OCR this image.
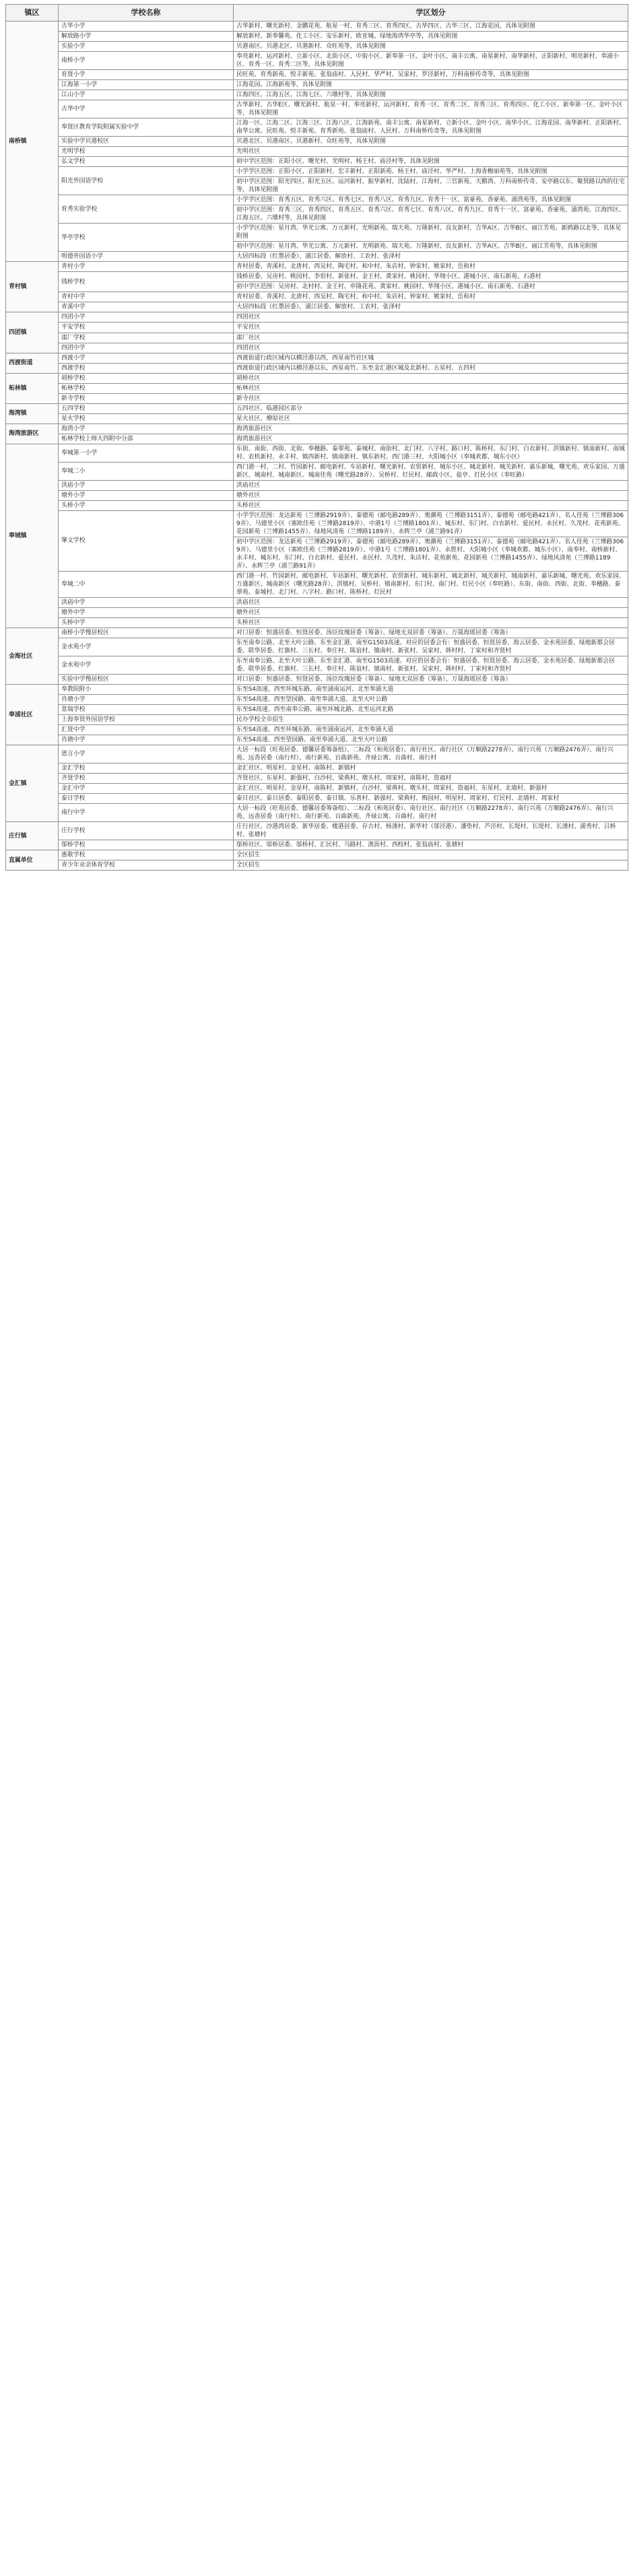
镇区	学校名称	学区划分
南桥镇	古华小学	古华新村、曙光新村、金鹏花苑、航星一村、育秀三区、育秀四区、古华四区、古华三区、江海花园，具体见附图
	解放路小学	解放新村、新奉馨苑、化工小区、安乐新村、欧亚城、绿地海湾华亭等，具体见附图
	实验小学	贝港南区、贝港北区、贝港新村、众旺苑等，具体见附图
	南桥小学	奉亮新村、运河新村、立新小区、北街小区、中街小区、新奉第一区、金叶小区、南丰公寓、南星新村、南华新村、正阳新村、明亮新村、奉浦小区、育秀一区、育秀二区等，具体见附图
	育贤小学	民旺苑、育秀新苑、悦丰新苑、张翁庙村、人民村、华严村、吴家村、罗泾新村、万科南桥传奇等，具体见附图
	江海第一小学	江海花园、江海新苑等，具体见附图
	江山小学	江海四区、江海五区、江海七区、六墩村等，具体见附图
	古华中学	古华新村、古华E区、曙光新村、航星一村、奉亮新村、运河新村、育秀一区、育秀二区、育秀三区、育秀四区、化工小区、新奉第一区、金叶小区等，具体见附图
	奉贤区教育学院附属实验中学	江海一区、江海二区、江海三区、江海八区、江海新苑、南丰公寓、南星新村、立新小区、金叶小区、南华小区、江海花园、南华新村、正阳新村、南华公寓、民旺苑、悦丰新苑、育秀新苑、张翁庙村、人民村、万科南桥传奇等，具体见附图
	实验中学贝港校区	贝港北区、贝港南区、贝港新村、众旺苑等，具体见附图
	光明学校	光明社区
	弘文学校	初中学区范围：正阳小区、曙光村、光明村、杨王村、庙泾村等，具体见附图
	阳光外国语学校	小学学区范围：正阳小区、正阳新村、宏丰新村、正阳新苑、杨王村、庙泾村、华严村、上海香榭丽苑等，具体见附图
		初中学区范围：阳光四区、阳光五区、运河新村、振华新村、沈陆村、江海村、三官新苑、天鹅湾、万科南桥传奇、安亭路以东、聚贤路以西的住宅等，具体见附图
	育秀实验学校	小学学区范围：育秀五区、育秀六区、育秀七区、育秀八区、育秀九区、育秀十一区、富豪苑、香豪苑、浦湾苑等，具体见附图
		初中学区范围：育秀三区、育秀四区、育秀五区、育秀六区、育秀七区、育秀八区、育秀九区、育秀十一区、富豪苑、香豪苑、浦湾苑、江海四区、江海五区、六墩村等，具体见附图
	华亭学校	小学学区范围：星月湾、华光公寓、万元新村、光明新苑、瑞天苑、万隆新村、良友新村、吉华A区、吉华B区、丽江芳苑、新鸥路以北等，具体见附图
		初中学区范围：星月湾、华光公寓、万元新村、光明新苑、瑞天苑、万隆新村、良友新村、吉华A区、吉华B区、丽江芳苑等，具体见附图
	明德外国语小学	大居四标段（红墨居委）、浦江居委、解放村、工农村、张泽村
青村镇	青村小学	青村居委、青溪村、北唐村、西吴村、陶宅村、和中村、朱店村、钟家村、姚家村、岳和村
	钱桥学校	钱桥居委、吴房村、桃园村、李窑村、新张村、金王村、黄家村、桃园村、华翔小区、港城小区、南石新苑、石港村
		初中学区范围：吴房村、北村村、金王村、申隆花苑、黄家村、桃园村、华翔小区、港城小区、南石新苑、石港村
	青村中学	青村居委、青溪村、北唐村、西吴村、陶宅村、和中村、朱店村、钟家村、姚家村、岳和村
	青溪中学	大居四标段（红墨居委）、浦江居委、解放村、工农村、张泽村
四团镇	四团小学	四团社区
	平安学校	平安社区
	邵厂学校	邵厂社区
	四团中学	四团社区
西渡街道	西渡小学	西渡街道行政区域内以横泾港以西，西星南竹社区城
	西渡学校	西渡街道行政区域内以横泾港以东，西星南竹、东至金汇港区城及北新村、五星村、五四村
柘林镇	胡桥学校	胡桥社区
	柘林学校	柘林社区
	新寺学校	新寺社区
海湾镇	五四学校	五四社区、临港园区部分
	星火学校	星火社区、燎原社区
海湾旅游区	海湾小学	海湾旅游社区
	柘林学校上师大四附中分部	海湾旅游社区
奉城镇	奉城第一小学	东街、南街、西街、北街、奉穗路、泰翠苑、泰城村、南街村、北门村、八字村、路口村、陈桥村、东门村、白衣新村、洪镇新村、镇南新村、南城村、农机新村、永丰村、镇西新村、镇南新村、镇东新村、西门港三村、大阳城小区（奉城欢都、城东小区）
	奉城二小	西门港一村、二村、竹园新村、邮电新村、车站新村、曙光新村、农贸新村、城东小区、城北新村、城关新村、嘉乐新城、曙光苑、欢乐家园、万盛新区、城南村、城南新区、城南佳苑（曙光路28弄）、吴桥村、灯民村、邮政小区、盐亭、灯民小区（奉旺路）
	洪庙小学	洪庙社区
	塘外小学	塘外社区
	头桥小学	头桥社区
	肇文学校	小学学区范围：龙达新苑（兰博路2919弄）、泰德苑（邮电路289弄）、奥潮苑（兰博路3151弄）、泰德苑（邮电路421弄）、名人佳苑（兰博路3069弄）、马德里小区（塞欧佳苑（兰博路2819弄）、中港1号（兰博路1801弄）、城东村、东门村、白衣新村、爱民村、永民村、久茂村、花苑新苑、花园新苑（兰博路1455弄）、绿地风清苑（兰博路1189弄）、永晖兰亭（浦兰路91弄）
		初中学区范围：龙达新苑（兰博路2919弄）、泰德苑（邮电路289弄）、奥潮苑（兰博路3151弄）、泰德苑（邮电路421弄）、名人佳苑（兰博路3069弄）、马德里小区（塞欧佳苑（兰博路2819弄）、中港1号（兰博路1801弄）、永胜村、大阳城小区（奉城欢都、城东小区）、南奉村、南桥新村、永丰村、城东村、东门村、白衣新村、爱民村、永民村、久茂村、朱店村、花苑新苑、花园新苑（兰博路1455弄）、绿地风清苑（兰博路1189弄）、永晖兰亭（浦兰路91弄）
	奉城二中	西门港一村、竹园新村、邮电新村、车站新村、曙光新村、农贸新村、城东新村、城北新村、城关新村、城南新村、嘉乐新城、曙光苑、欢乐家园、万盛新区、城南新区（曙光路28弄）、洪镇村、吴桥村、镇南新村、东门村、南门村、灯民小区（奉旺路）、东街、南街、西街、北街、奉穗路、泰翠苑、泰城村、北门村、八字村、路口村、陈桥村、灯民村
	洪庙中学	洪庙社区
	塘外中学	塘外社区
	头桥中学	头桥社区
金海社区	南桥小学慢居校区	对口居委：恒盛居委、恒贤居委、汤臣玫瑰居委（筹备）、绿地无双居委（筹备）、万晟海瑶居委（筹备）
	金水苑小学	东至南奉公路、北至大叶公路、东至金汇港、南至G1503高速。对应的居委会有：恒盛居委、恒贤居委、海云居委、金水苑居委、绿地新都会居委、联华居委、红旗村、三长村、奉庄村、陈谊村、镇南村、新张村、吴家村、韩村村、丁家村和齐贤村
	金水苑中学	东至南奉公路、北至大叶公路、东至金汇港、南至G1503高速。对应的居委会有：恒盛居委、恒贤居委、海云居委、金水苑居委、绿地新都会居委、联华居委、红旗村、三长村、奉庄村、陈谊村、镇南村、新张村、吴家村、韩村村、丁家村和齐贤村
	实验中学慢居校区	对口居委：恒盛居委、恒贤居委、汤臣玫瑰居委（筹备）、绿地无双居委（筹备）、万晟海瑶居委（筹备）
奉浦社区	奉教院附小	东至S4高速、西至环城东路、南至浦南运河、北至奉浦大道
	肖塘小学	东至S4高速、西至望园路、南至奉浦大道、北至大叶公路
	景瑞学校	东至S4高速、西至南奉公路、南至环城北路、北至运河北路
	上海奉贤外国语学校	民办学校全市招生
	汇贤中学	东至S4高速、西至环城东路、南至浦南运河、北至奉浦大道
	肖塘中学	东至S4高速、西至望园路、南至奉浦大道、北至大叶公路
金汇镇	恩言小学	大居一标段（旺苑居委、德馨居委筹备组）、二标段（和苑居委）、南行社区、南行社区（万顺路2278弄）、南行兴苑（万顺路2476弄）、南行兴苑、远香居委（南行村）、南行新苑、百曲新苑、齐禄公寓、百曲村、南行村
	金汇学校	金汇社区、明星村、金星村、南陈村、新镇村
	齐贤学校	齐贤社区、东星村、新强村、白沙村、梁典村、墩头村、周家村、南陈村、资福村
	金汇中学	金汇社区、明星村、金星村、南陈村、新镇村、白沙村、梁典村、墩头村、周家村、资福村、东星村、北墙村、新强村
	泰日学校	泰日社区、泰日居委、泰阳居委、泰日镇、乐善村、新强村、梁典村、梅园村、明星村、周家村、灯民村、北墙村、周家村
	南行中学	大居一标段（旺苑居委、德馨居委筹备组）、二标段（和苑居委）、南行社区、南行社区（万顺路2278弄）、南行兴苑（万顺路2476弄）、南行兴苑、远香居委（南行村）、南行新苑、百曲新苑、齐禄公寓、百曲村、南行村
庄行镇	庄行学校	庄行社区、沙港湾居委、新华居委、楼港居委、存古村、杨溇村、新华村（邬泾港）、潘垫村、芦泾村、长堤村、长堤村、长溇村、浦秀村、吕桥村、张塘村
	邬桥学校	邬桥社区、邬桥居委、邬桥村、汇民村、马路村、渔沥村、西校村、张翁庙村、张塘村
直属单位	惠歌学校	全区招生
	青少年业余体育学校	全区招生
